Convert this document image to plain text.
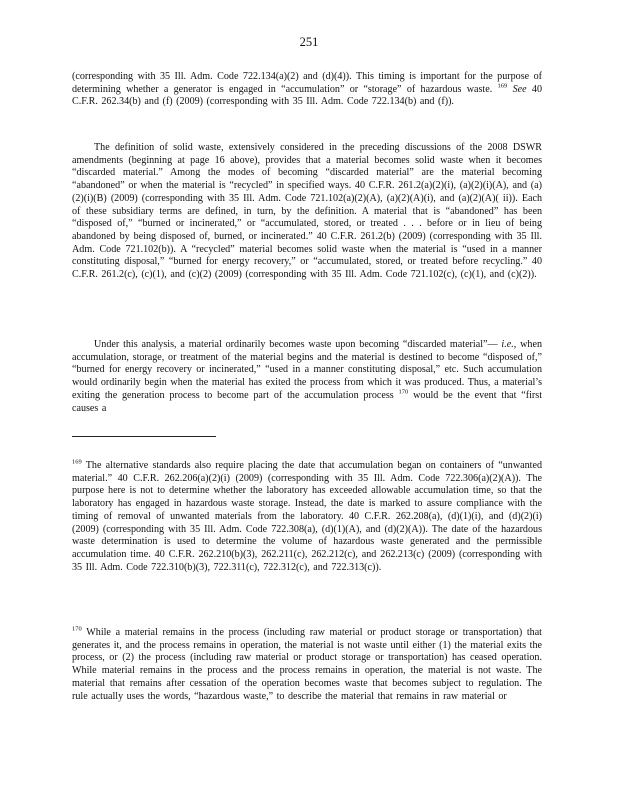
251

(corresponding with 35 Ill. Adm. Code 722.134(a)(2) and (d)(4)). This timing is important for the purpose of determining whether a generator is engaged in “accumulation” or “storage” of hazardous waste. $^{169}$ See 40 C.F.R. 262.34(b) and (f) (2009) (corresponding with 35 Ill. Adm. Code 722.134(b) and (f)).

The definition of solid waste, extensively considered in the preceding discussions of the 2008 DSWR amendments (beginning at page 16 above), provides that a material becomes solid waste when it becomes “discarded material.” Among the modes of becoming “discarded material” are the material becoming “abandoned” or when the material is “recycled” in specified ways. 40 C.F.R. 261.2(a)(2)(i), (a)(2)(i)(A), and (a)(2)(i)(B) (2009) (corresponding with 35 Ill. Adm. Code 721.102(a)(2)(A), (a)(2)(A)(i), and (a)(2)(A)( ii)). Each of these subsidiary terms are defined, in turn, by the definition. A material that is “abandoned” has been “disposed of,” “burned or incinerated,” or “accumulated, stored, or treated . . . before or in lieu of being abandoned by being disposed of, burned, or incinerated.” 40 C.F.R. 261.2(b) (2009) (corresponding with 35 Ill. Adm. Code 721.102(b)). A “recycled” material becomes solid waste when the material is “used in a manner constituting disposal,” “burned for energy recovery,” or “accumulated, stored, or treated before recycling.” 40 C.F.R. 261.2(c), (c)(1), and (c)(2) (2009) (corresponding with 35 Ill. Adm. Code 721.102(c), (c)(1), and (c)(2)).

Under this analysis, a material ordinarily becomes waste upon becoming “discarded material”— i.e., when accumulation, storage, or treatment of the material begins and the material is destined to become “disposed of,” “burned for energy recovery or incinerated,” “used in a manner constituting disposal,” etc. Such accumulation would ordinarily begin when the material has exited the process from which it was produced. Thus, a material’s exiting the generation process to become part of the accumulation process $^{170}$ would be the event that “first causes a

$^{169}$ The alternative standards also require placing the date that accumulation began on containers of “unwanted material.” 40 C.F.R. 262.206(a)(2)(i) (2009) (corresponding with 35 Ill. Adm. Code 722.306(a)(2)(A)). The purpose here is not to determine whether the laboratory has exceeded allowable accumulation time, so that the laboratory has engaged in hazardous waste storage. Instead, the date is marked to assure compliance with the timing of removal of unwanted materials from the laboratory. 40 C.F.R. 262.208(a), (d)(1)(i), and (d)(2)(i) (2009) (corresponding with 35 Ill. Adm. Code 722.308(a), (d)(1)(A), and (d)(2)(A)). The date of the hazardous waste determination is used to determine the volume of hazardous waste generated and the permissible accumulation time. 40 C.F.R. 262.210(b)(3), 262.211(c), 262.212(c), and 262.213(c) (2009) (corresponding with 35 Ill. Adm. Code 722.310(b)(3), 722.311(c), 722.312(c), and 722.313(c)).
$^{170}$ While a material remains in the process (including raw material or product storage or transportation) that generates it, and the process remains in operation, the material is not waste until either (1) the material exits the process, or (2) the process (including raw material or product storage or transportation) has ceased operation. While material remains in the process and the process remains in operation, the material is not waste. The material that remains after cessation of the operation becomes waste that becomes subject to regulation. The rule actually uses the words, “hazardous waste,” to describe the material that remains in raw material or
